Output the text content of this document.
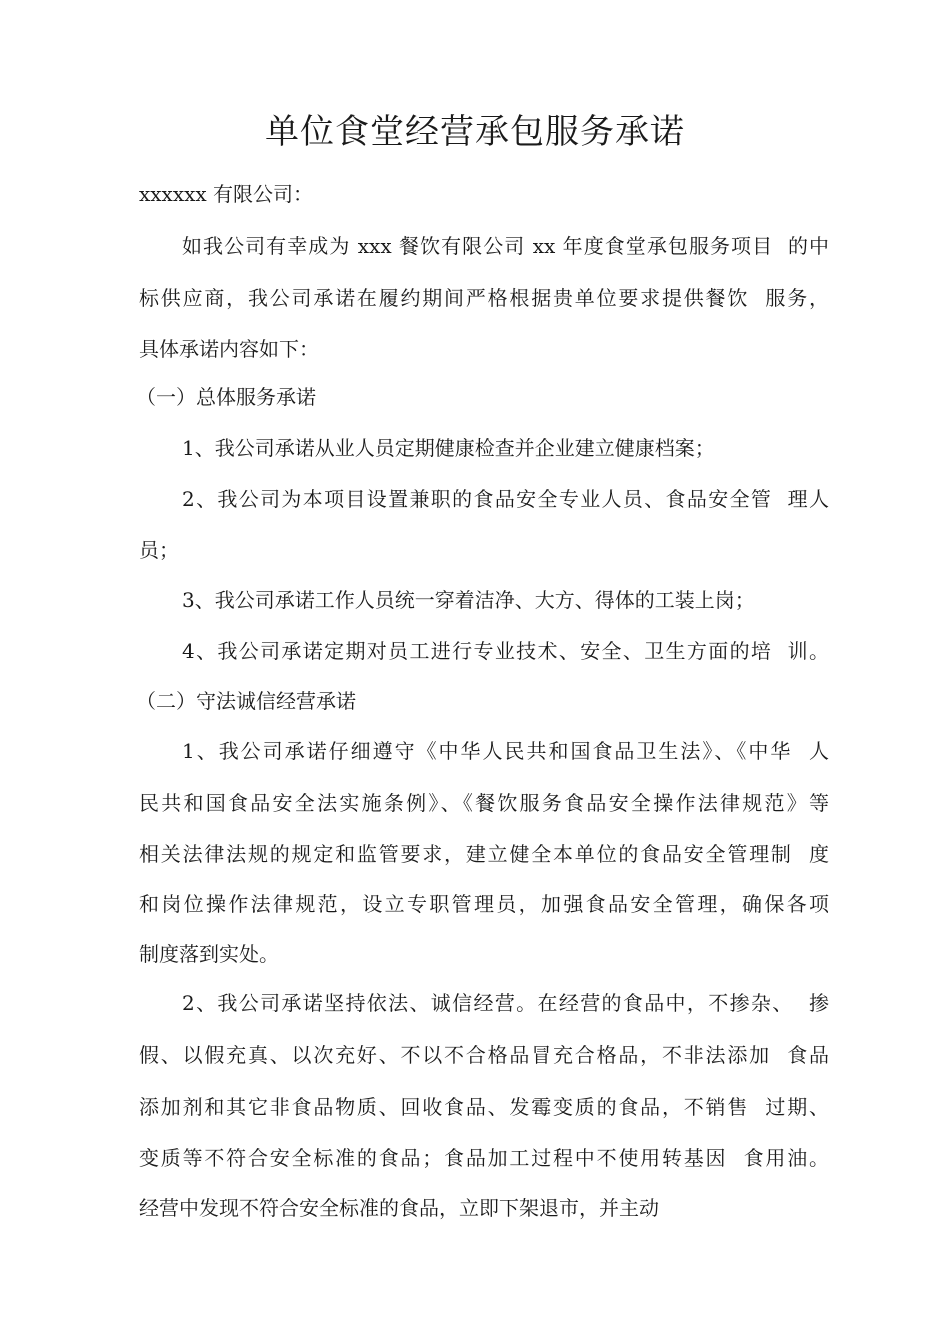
单位食堂经营承包服务承诺
xxxxxx 有限公司：
如我公司有幸成为 xxx 餐饮有限公司 xx 年度食堂承包服务项目  的中
标供应商，我公司承诺在履约期间严格根据贵单位要求提供餐饮  服务，
具体承诺内容如下：
（一）总体服务承诺
1、我公司承诺从业人员定期健康检查并企业建立健康档案；
2、我公司为本项目设置兼职的食品安全专业人员、食品安全管  理人
员；
3、我公司承诺工作人员统一穿着洁净、大方、得体的工装上岗；
4、我公司承诺定期对员工进行专业技术、安全、卫生方面的培  训。
（二）守法诚信经营承诺
1、我公司承诺仔细遵守《中华人民共和国食品卫生法》、《中华  人
民共和国食品安全法实施条例》、《餐饮服务食品安全操作法律规范》等
相关法律法规的规定和监管要求，建立健全本单位的食品安全管理制  度
和岗位操作法律规范，设立专职管理员，加强食品安全管理，确保各项
制度落到实处。
2、我公司承诺坚持依法、诚信经营。在经营的食品中，不掺杂、  掺
假、以假充真、以次充好、不以不合格品冒充合格品，不非法添加  食品
添加剂和其它非食品物质、回收食品、发霉变质的食品，不销售  过期、
变质等不符合安全标准的食品；食品加工过程中不使用转基因  食用油。
经营中发现不符合安全标准的食品，立即下架退市，并主动
